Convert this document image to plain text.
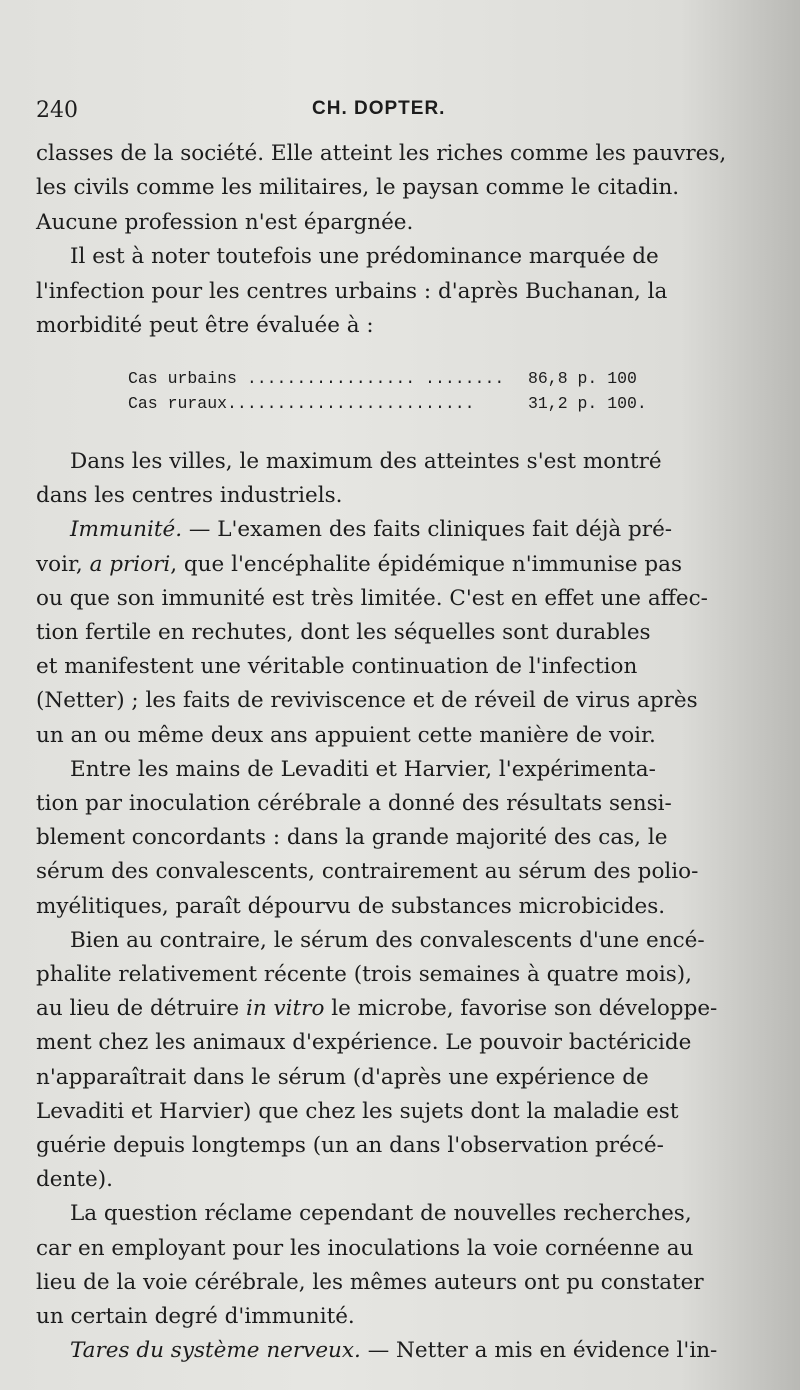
240	CH. DOPTER.

classes de la société. Elle atteint les riches comme les pauvres,
les civils comme les militaires, le paysan comme le citadin.
Aucune profession n'est épargnée.

Il est à noter toutefois une prédominance marquée de
l'infection pour les centres urbains : d'après Buchanan, la
morbidité peut être évaluée à :

Cas urbains ................. ........ 86,8 p. 100
Cas ruraux.........................	31,2 p. 100.

Dans les villes, le maximum des atteintes s'est montré
dans les centres industriels.

Immunité. — L'examen des faits cliniques fait déjà pré-
voir, a priori, que l'encéphalite épidémique n'immunise pas
ou que son immunité est très limitée. C'est en effet une affec-
tion fertile en rechutes, dont les séquelles sont durables
et manifestent une véritable continuation de l'infection
(Netter) ; les faits de reviviscence et de réveil de virus après
un an ou même deux ans appuient cette manière de voir.

Entre les mains de Levaditi et Harvier, l'expérimenta-
tion par inoculation cérébrale a donné des résultats sensi-
blement concordants : dans la grande majorité des cas, le
sérum des convalescents, contrairement au sérum des polio-
myélitiques, paraît dépourvu de substances microbicides.

Bien au contraire, le sérum des convalescents d'une encé-
phalite relativement récente (trois semaines à quatre mois),
au lieu de détruire in vitro le microbe, favorise son développe-
ment chez les animaux d'expérience. Le pouvoir bactéricide
n'apparaîtrait dans le sérum (d'après une expérience de
Levaditi et Harvier) que chez les sujets dont la maladie est
guérie depuis longtemps (un an dans l'observation précé-
dente).

La question réclame cependant de nouvelles recherches,
car en employant pour les inoculations la voie cornéenne au
lieu de la voie cérébrale, les mêmes auteurs ont pu constater
un certain degré d'immunité.

Tares du système nerveux. — Netter a mis en évidence l'in-
